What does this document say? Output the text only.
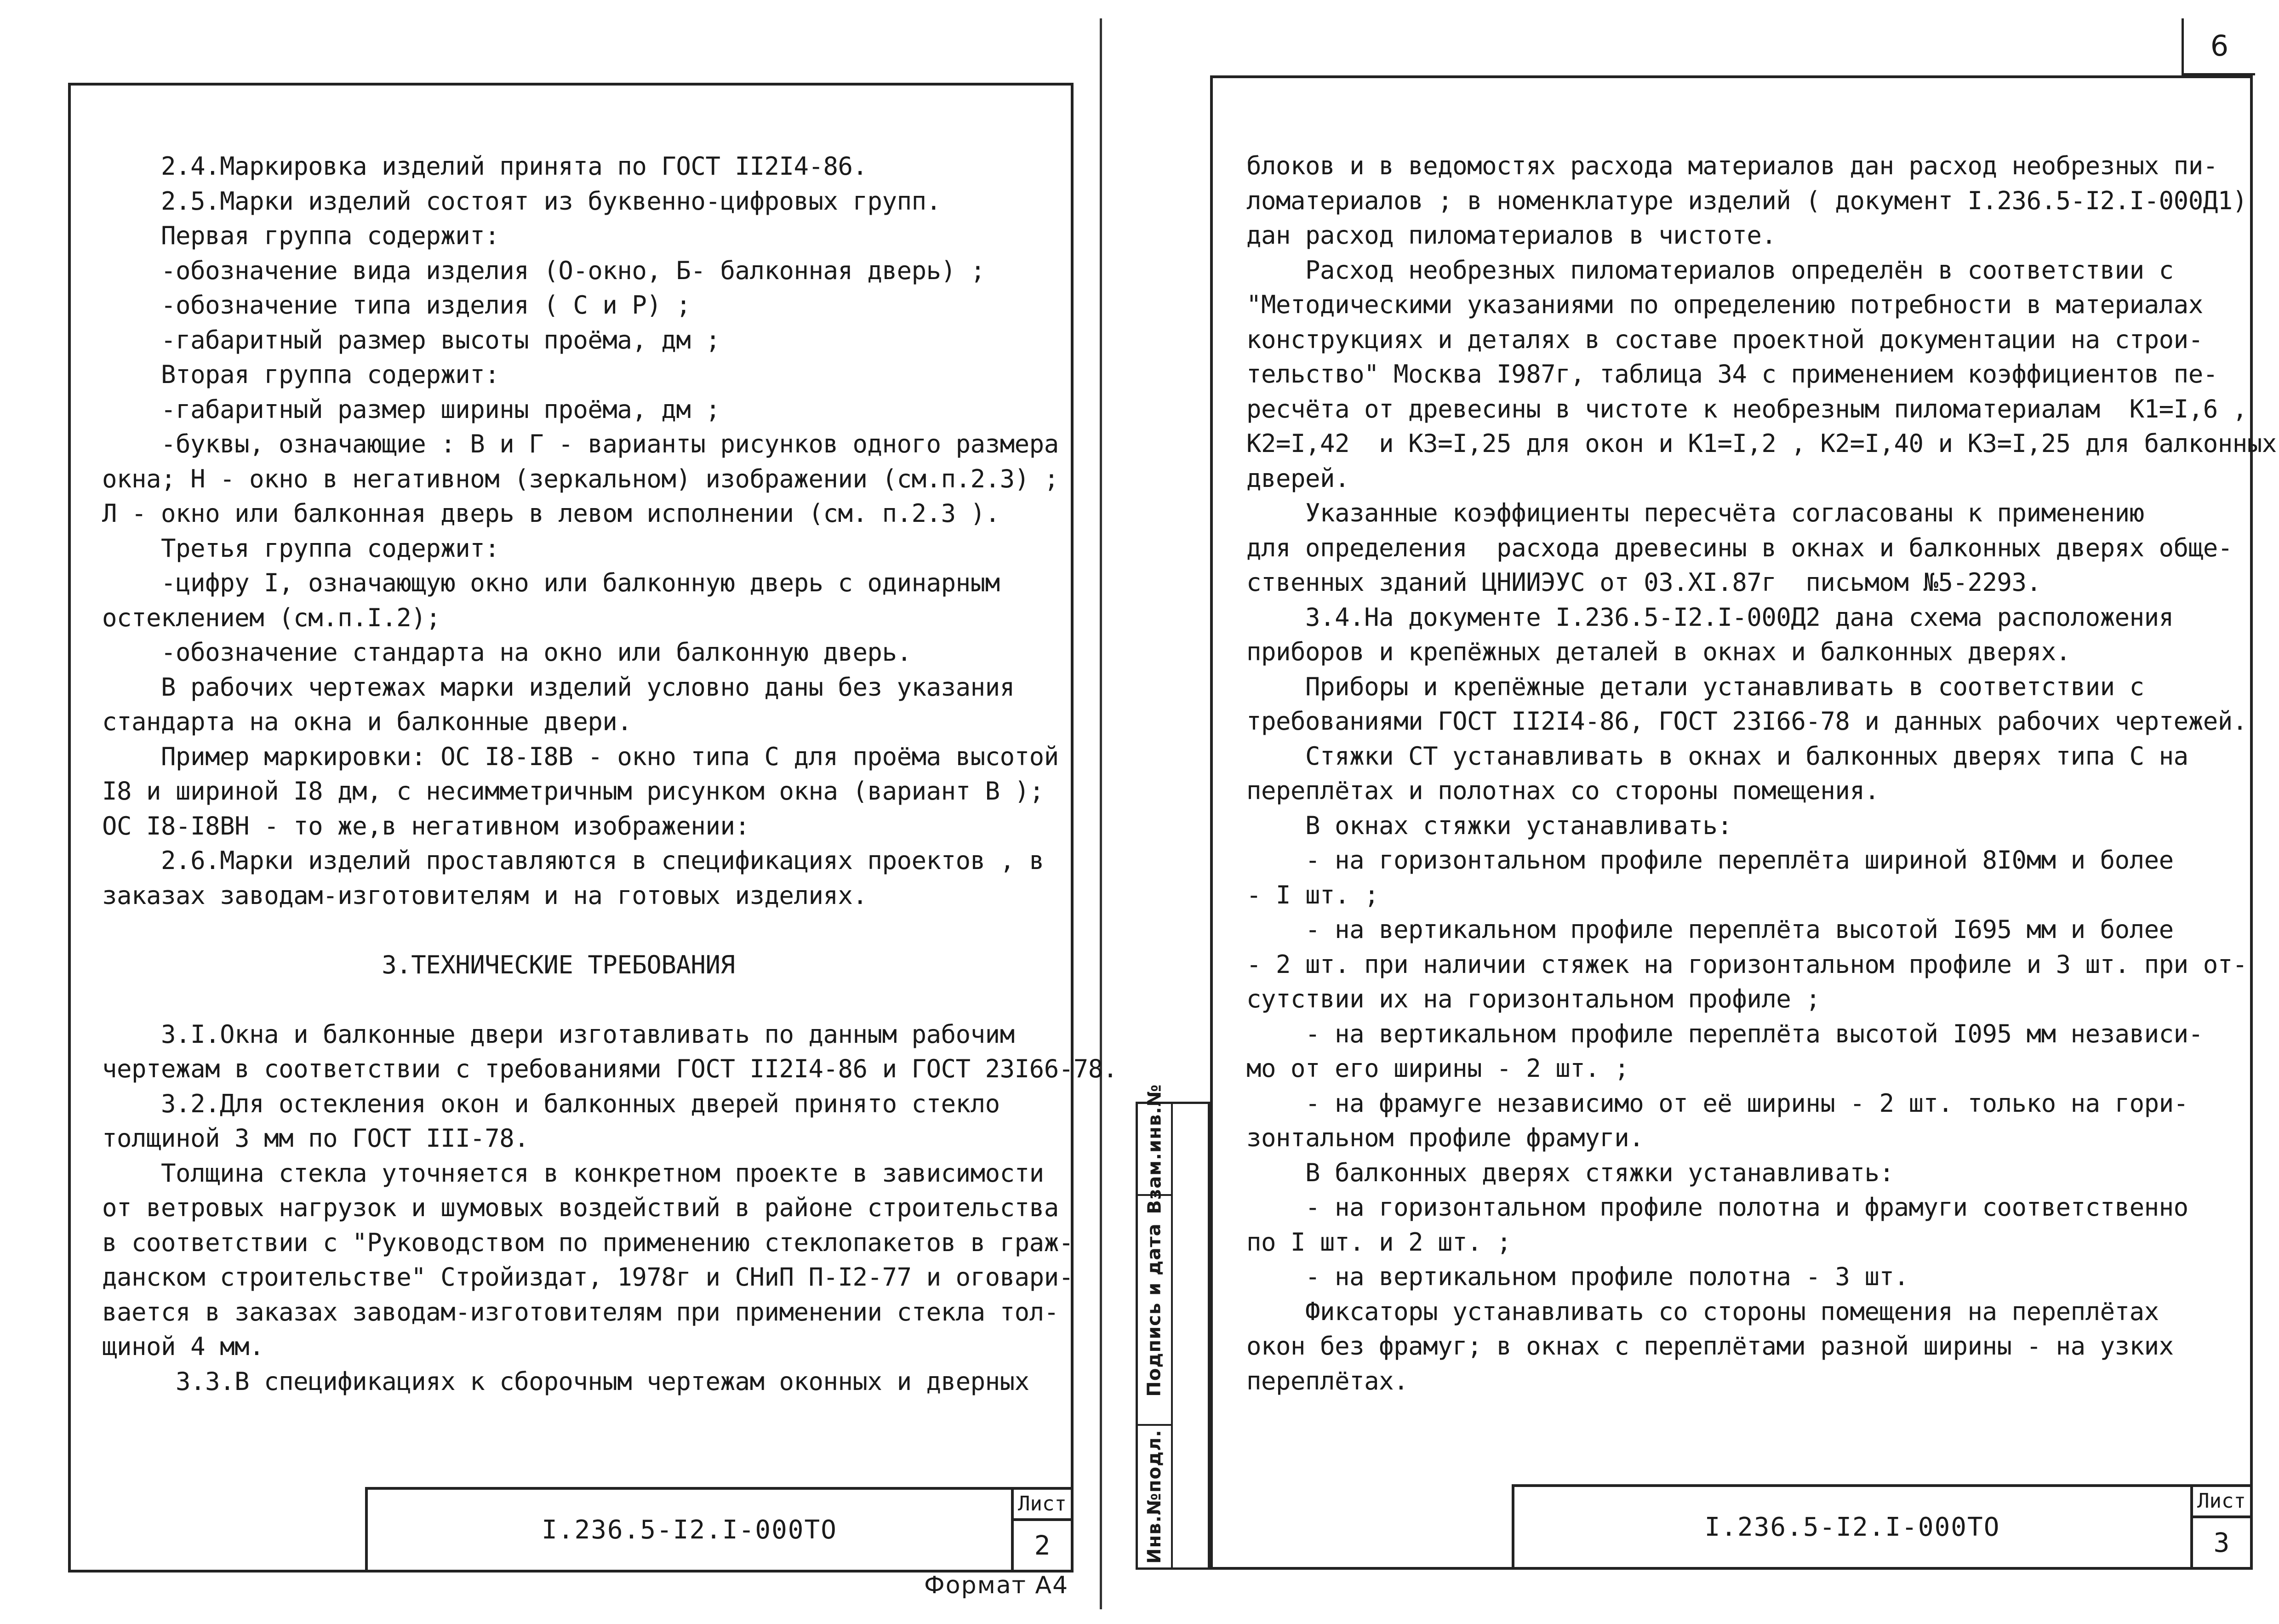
6
2.4.Маркировка изделий принята по ГОСТ II2I4-86.
2.5.Марки изделий состоят из буквенно-цифровых групп.
Первая группа содержит:
-обозначение вида изделия (О-окно, Б- балконная дверь) ;
-обозначение типа изделия ( С и Р) ;
-габаритный размер высоты проёма, дм ;
Вторая группа содержит:
-габаритный размер ширины проёма, дм ;
-буквы, означающие : В и Г - варианты рисунков одного размера
окна; Н - окно в негативном (зеркальном) изображении (см.п.2.3) ;
Л - окно или балконная дверь в левом исполнении (см. п.2.3 ).
Третья группа содержит:
-цифру I, означающую окно или балконную дверь с одинарным
остеклением (см.п.I.2);
-обозначение стандарта на окно или балконную дверь.
В рабочих чертежах марки изделий условно даны без указания
стандарта на окна и балконные двери.
Пример маркировки: ОС I8-I8В - окно типа С для проёма высотой
I8 и шириной I8 дм, с несимметричным рисунком окна (вариант В );
ОС I8-I8ВН - то же,в негативном изображении:
2.6.Марки изделий проставляются в спецификациях проектов , в
заказах заводам-изготовителям и на готовых изделиях.
3.ТЕХНИЧЕСКИЕ ТРЕБОВАНИЯ
3.I.Окна и балконные двери изготавливать по данным рабочим
чертежам в соответствии с требованиями ГОСТ II2I4-86 и ГОСТ 23I66-78.
3.2.Для остекления окон и балконных дверей принято стекло
толщиной 3 мм по ГОСТ III-78.
Толщина стекла уточняется в конкретном проекте в зависимости
от ветровых нагрузок и шумовых воздействий в районе строительства
в соответствии с "Руководством по применению стеклопакетов в граж-
данском строительстве" Стройиздат, 1978г и СНиП П-I2-77 и оговари-
вается в заказах заводам-изготовителям при применении стекла тол-
щиной 4 мм.
3.3.В спецификациях к сборочным чертежам оконных и дверных
I.236.5-I2.I-000ТО
Лист
2
Формат А4
Взам.инв.№
Подпись и дата
Инв.№подл.
блоков и в ведомостях расхода материалов дан расход необрезных пи-
ломатериалов ; в номенклатуре изделий ( документ I.236.5-I2.I-000Д1)
дан расход пиломатериалов в чистоте.
Расход необрезных пиломатериалов определён в соответствии с
"Методическими указаниями по определению потребности в материалах
конструкциях и деталях в составе проектной документации на строи-
тельство" Москва I987г, таблица 34 с применением коэффициентов пе-
ресчёта от древесины в чистоте к необрезным пиломатериалам  К1=I,6 ,
К2=I,42  и К3=I,25 для окон и К1=I,2 , К2=I,40 и К3=I,25 для балконных
дверей.
Указанные коэффициенты пересчёта согласованы к применению
для определения  расхода древесины в окнах и балконных дверях обще-
ственных зданий ЦНИИЭУС от 03.XI.87г  письмом №5-2293.
3.4.На документе I.236.5-I2.I-000Д2 дана схема расположения
приборов и крепёжных деталей в окнах и балконных дверях.
Приборы и крепёжные детали устанавливать в соответствии с
требованиями ГОСТ II2I4-86, ГОСТ 23I66-78 и данных рабочих чертежей.
Стяжки СТ устанавливать в окнах и балконных дверях типа С на
переплётах и полотнах со стороны помещения.
В окнах стяжки устанавливать:
- на горизонтальном профиле переплёта шириной 8I0мм и более
- I шт. ;
- на вертикальном профиле переплёта высотой I695 мм и более
- 2 шт. при наличии стяжек на горизонтальном профиле и 3 шт. при от-
сутствии их на горизонтальном профиле ;
- на вертикальном профиле переплёта высотой I095 мм независи-
мо от его ширины - 2 шт. ;
- на фрамуге независимо от её ширины - 2 шт. только на гори-
зонтальном профиле фрамуги.
В балконных дверях стяжки устанавливать:
- на горизонтальном профиле полотна и фрамуги соответственно
по I шт. и 2 шт. ;
- на вертикальном профиле полотна - 3 шт.
Фиксаторы устанавливать со стороны помещения на переплётах
окон без фрамуг; в окнах с переплётами разной ширины - на узких
переплётах.
I.236.5-I2.I-000ТО
Лист
3
